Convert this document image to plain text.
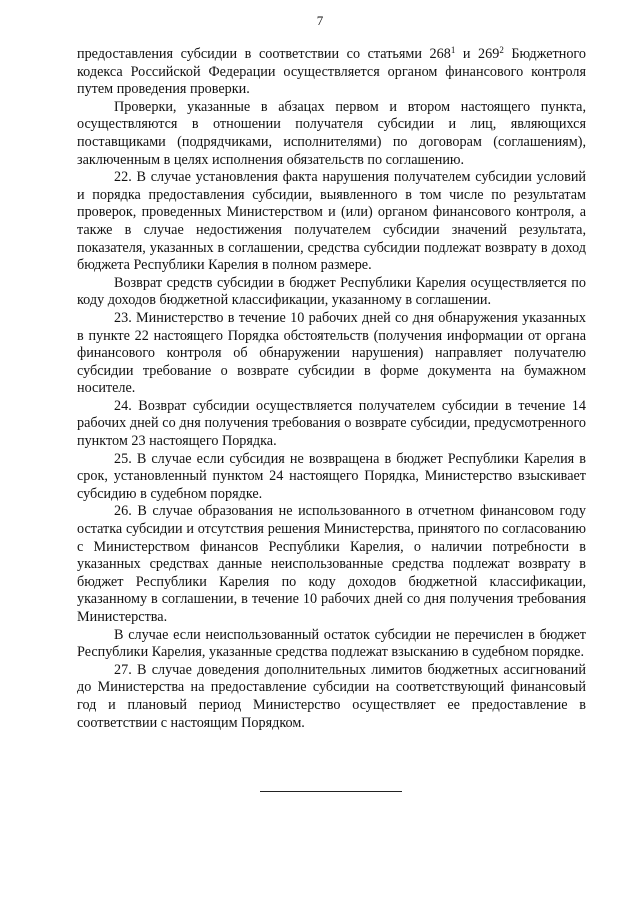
7

предоставления субсидии в соответствии со статьями $268^1$ и $269^2$ Бюджетного кодекса Российской Федерации осуществляется органом финансового контроля путем проведения проверки.

Проверки, указанные в абзацах первом и втором настоящего пункта, осуществляются в отношении получателя субсидии и лиц, являющихся поставщиками (подрядчиками, исполнителями) по договорам (соглашениям), заключенным в целях исполнения обязательств по соглашению.

22. В случае установления факта нарушения получателем субсидии условий и порядка предоставления субсидии, выявленного в том числе по результатам проверок, проведенных Министерством и (или) органом финансового контроля, а также в случае недостижения получателем субсидии значений результата, показателя, указанных в соглашении, средства субсидии подлежат возврату в доход бюджета Республики Карелия в полном размере.

Возврат средств субсидии в бюджет Республики Карелия осуществляется по коду доходов бюджетной классификации, указанному в соглашении.

23. Министерство в течение 10 рабочих дней со дня обнаружения указанных в пункте 22 настоящего Порядка обстоятельств (получения информации от органа финансового контроля об обнаружении нарушения) направляет получателю субсидии требование о возврате субсидии в форме документа на бумажном носителе.

24. Возврат субсидии осуществляется получателем субсидии в течение 14 рабочих дней со дня получения требования о возврате субсидии, предусмотренного пунктом 23 настоящего Порядка.

25. В случае если субсидия не возвращена в бюджет Республики Карелия в срок, установленный пунктом 24 настоящего Порядка, Министерство взыскивает субсидию в судебном порядке.

26. В случае образования не использованного в отчетном финансовом году остатка субсидии и отсутствия решения Министерства, принятого по согласованию с Министерством финансов Республики Карелия, о наличии потребности в указанных средствах данные неиспользованные средства подлежат возврату в бюджет Республики Карелия по коду доходов бюджетной классификации, указанному в соглашении, в течение 10 рабочих дней со дня получения требования Министерства.

В случае если неиспользованный остаток субсидии не перечислен в бюджет Республики Карелия, указанные средства подлежат взысканию в судебном порядке.

27. В случае доведения дополнительных лимитов бюджетных ассигнований до Министерства на предоставление субсидии на соответствующий финансовый год и плановый период Министерство осуществляет ее предоставление в соответствии с настоящим Порядком.
